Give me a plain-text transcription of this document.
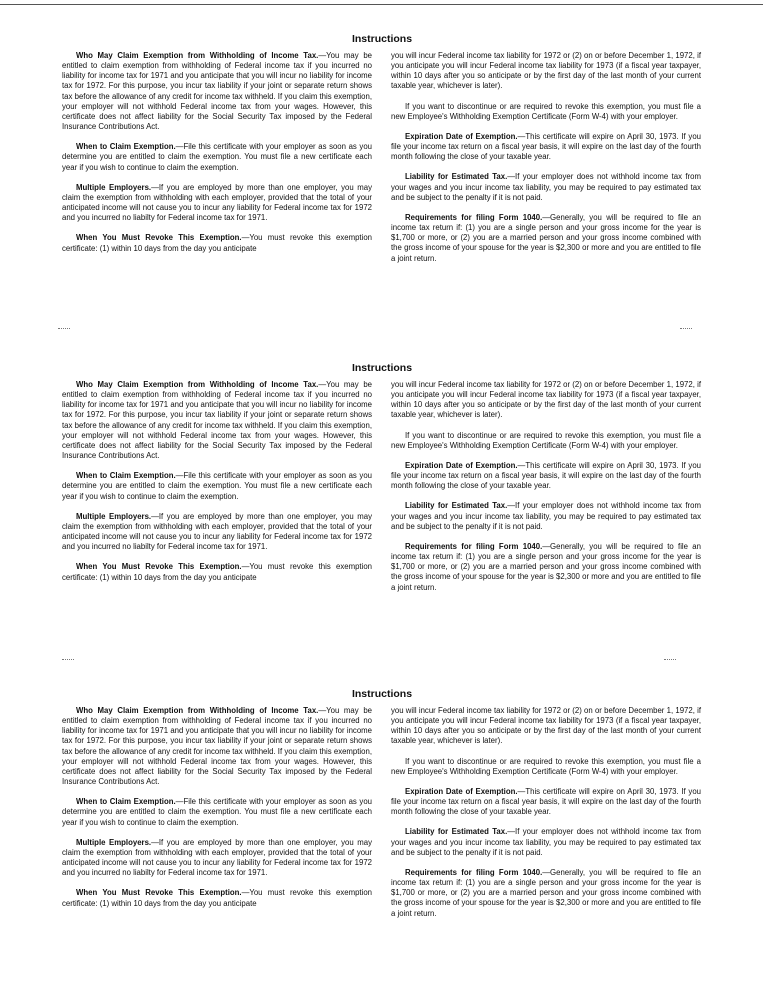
Instructions

Who May Claim Exemption from Withholding of Income Tax.—You may be entitled to claim exemption from withholding of Federal income tax if you incurred no liability for income tax for 1971 and you anticipate that you will incur no liability for income tax for 1972. For this purpose, you incur tax liability if your joint or separate return shows tax before the allowance of any credit for income tax withheld. If you claim this exemption, your employer will not withhold Federal income tax from your wages. However, this certificate does not affect liability for the Social Security Tax imposed by the Federal Insurance Contributions Act.

When to Claim Exemption.—File this certificate with your employer as soon as you determine you are entitled to claim the exemption. You must file a new certificate each year if you wish to continue to claim the exemption.

Multiple Employers.—If you are employed by more than one employer, you may claim the exemption from withholding with each employer, provided that the total of your anticipated income will not cause you to incur any liability for Federal income tax for 1972 and you incurred no liabilty for Federal income tax for 1971.

When You Must Revoke This Exemption.—You must revoke this exemption certificate: (1) within 10 days from the day you anticipate

you will incur Federal income tax liability for 1972 or (2) on or before December 1, 1972, if you anticipate you will incur Federal income tax liability for 1973 (if a fiscal year taxpayer, within 10 days after you so anticipate or by the first day of the last month of your current taxable year, whichever is later).

If you want to discontinue or are required to revoke this exemption, you must file a new Employee's Withholding Exemption Certificate (Form W-4) with your employer.

Expiration Date of Exemption.—This certificate will expire on April 30, 1973. If you file your income tax return on a fiscal year basis, it will expire on the last day of the fourth month following the close of your taxable year.

Liability for Estimated Tax.—If your employer does not withhold income tax from your wages and you incur income tax liability, you may be required to pay estimated tax and be subject to the penalty if it is not paid.

Requirements for filing Form 1040.—Generally, you will be required to file an income tax return if: (1) you are a single person and your gross income for the year is $1,700 or more, or (2) you are a married person and your gross income combined with the gross income of your spouse for the year is $2,300 or more and you are entitled to file a joint return.

Instructions

Who May Claim Exemption from Withholding of Income Tax.—You may be entitled to claim exemption from withholding of Federal income tax if you incurred no liability for income tax for 1971 and you anticipate that you will incur no liability for income tax for 1972. For this purpose, you incur tax liability if your joint or separate return shows tax before the allowance of any credit for income tax withheld. If you claim this exemption, your employer will not withhold Federal income tax from your wages. However, this certificate does not affect liability for the Social Security Tax imposed by the Federal Insurance Contributions Act.

When to Claim Exemption.—File this certificate with your employer as soon as you determine you are entitled to claim the exemption. You must file a new certificate each year if you wish to continue to claim the exemption.

Multiple Employers.—If you are employed by more than one employer, you may claim the exemption from withholding with each employer, provided that the total of your anticipated income will not cause you to incur any liability for Federal income tax for 1972 and you incurred no liabilty for Federal income tax for 1971.

When You Must Revoke This Exemption.—You must revoke this exemption certificate: (1) within 10 days from the day you anticipate

you will incur Federal income tax liability for 1972 or (2) on or before December 1, 1972, if you anticipate you will incur Federal income tax liability for 1973 (if a fiscal year taxpayer, within 10 days after you so anticipate or by the first day of the last month of your current taxable year, whichever is later).

If you want to discontinue or are required to revoke this exemption, you must file a new Employee's Withholding Exemption Certificate (Form W-4) with your employer.

Expiration Date of Exemption.—This certificate will expire on April 30, 1973. If you file your income tax return on a fiscal year basis, it will expire on the last day of the fourth month following the close of your taxable year.

Liability for Estimated Tax.—If your employer does not withhold income tax from your wages and you incur income tax liability, you may be required to pay estimated tax and be subject to the penalty if it is not paid.

Requirements for filing Form 1040.—Generally, you will be required to file an income tax return if: (1) you are a single person and your gross income for the year is $1,700 or more, or (2) you are a married person and your gross income combined with the gross income of your spouse for the year is $2,300 or more and you are entitled to file a joint return.

Instructions

Who May Claim Exemption from Withholding of Income Tax.—You may be entitled to claim exemption from withholding of Federal income tax if you incurred no liability for income tax for 1971 and you anticipate that you will incur no liability for income tax for 1972. For this purpose, you incur tax liability if your joint or separate return shows tax before the allowance of any credit for income tax withheld. If you claim this exemption, your employer will not withhold Federal income tax from your wages. However, this certificate does not affect liability for the Social Security Tax imposed by the Federal Insurance Contributions Act.

When to Claim Exemption.—File this certificate with your employer as soon as you determine you are entitled to claim the exemption. You must file a new certificate each year if you wish to continue to claim the exemption.

Multiple Employers.—If you are employed by more than one employer, you may claim the exemption from withholding with each employer, provided that the total of your anticipated income will not cause you to incur any liability for Federal income tax for 1972 and you incurred no liabilty for Federal income tax for 1971.

When You Must Revoke This Exemption.—You must revoke this exemption certificate: (1) within 10 days from the day you anticipate

you will incur Federal income tax liability for 1972 or (2) on or before December 1, 1972, if you anticipate you will incur Federal income tax liability for 1973 (if a fiscal year taxpayer, within 10 days after you so anticipate or by the first day of the last month of your current taxable year, whichever is later).

If you want to discontinue or are required to revoke this exemption, you must file a new Employee's Withholding Exemption Certificate (Form W-4) with your employer.

Expiration Date of Exemption.—This certificate will expire on April 30, 1973. If you file your income tax return on a fiscal year basis, it will expire on the last day of the fourth month following the close of your taxable year.

Liability for Estimated Tax.—If your employer does not withhold income tax from your wages and you incur income tax liability, you may be required to pay estimated tax and be subject to the penalty if it is not paid.

Requirements for filing Form 1040.—Generally, you will be required to file an income tax return if: (1) you are a single person and your gross income for the year is $1,700 or more, or (2) you are a married person and your gross income combined with the gross income of your spouse for the year is $2,300 or more and you are entitled to file a joint return.
